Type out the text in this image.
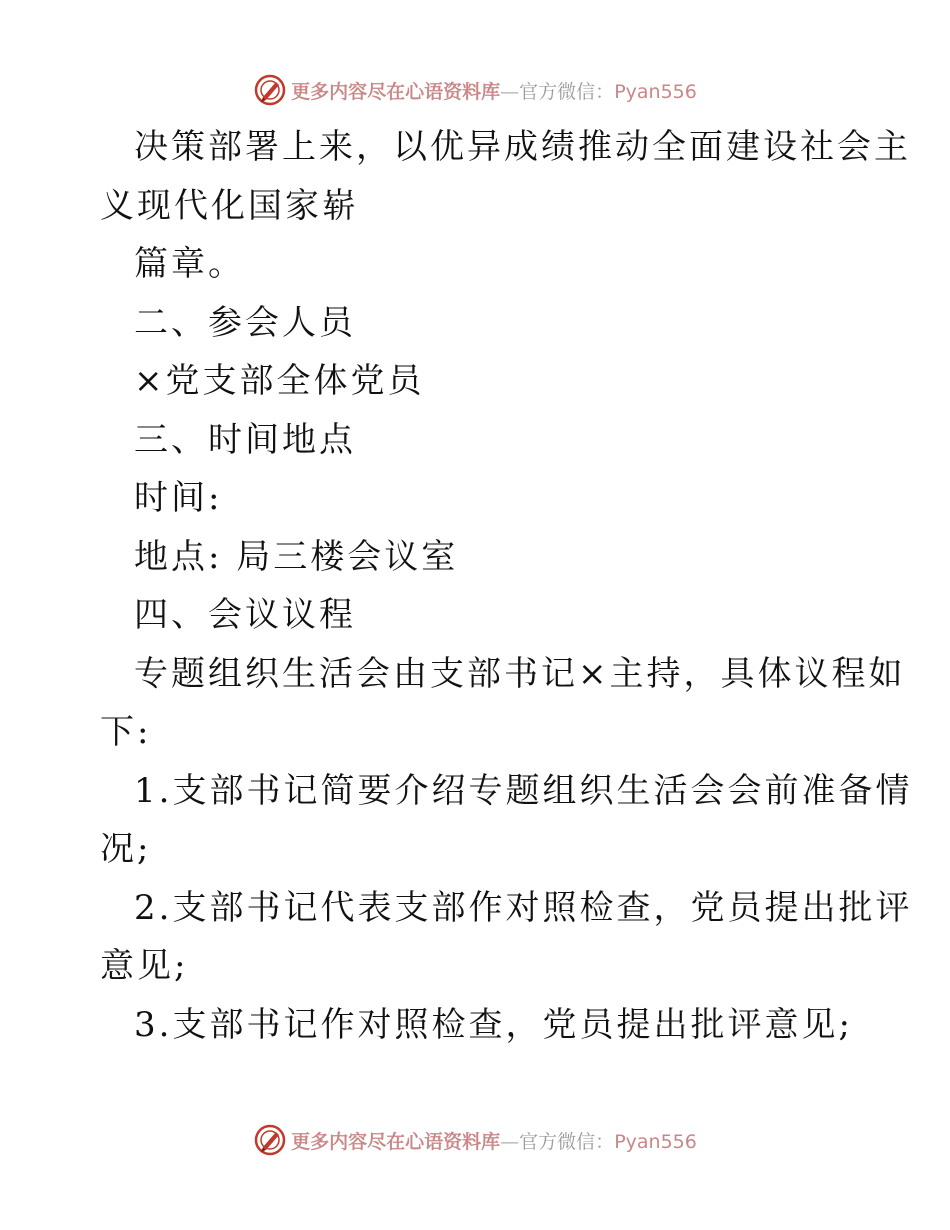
更多内容尽在心语资料库—官方微信：Pyan556
决策部署上来，以优异成绩推动全面建设社会主
义现代化国家崭
篇章。
二、参会人员
×党支部全体党员
三、时间地点
时间:
地点: 局三楼会议室
四、会议议程
专题组织生活会由支部书记×主持，具体议程如
下:
1.支部书记简要介绍专题组织生活会会前准备情
况;
2.支部书记代表支部作对照检查，党员提出批评
意见;
3.支部书记作对照检查，党员提出批评意见;
更多内容尽在心语资料库—官方微信：Pyan556
